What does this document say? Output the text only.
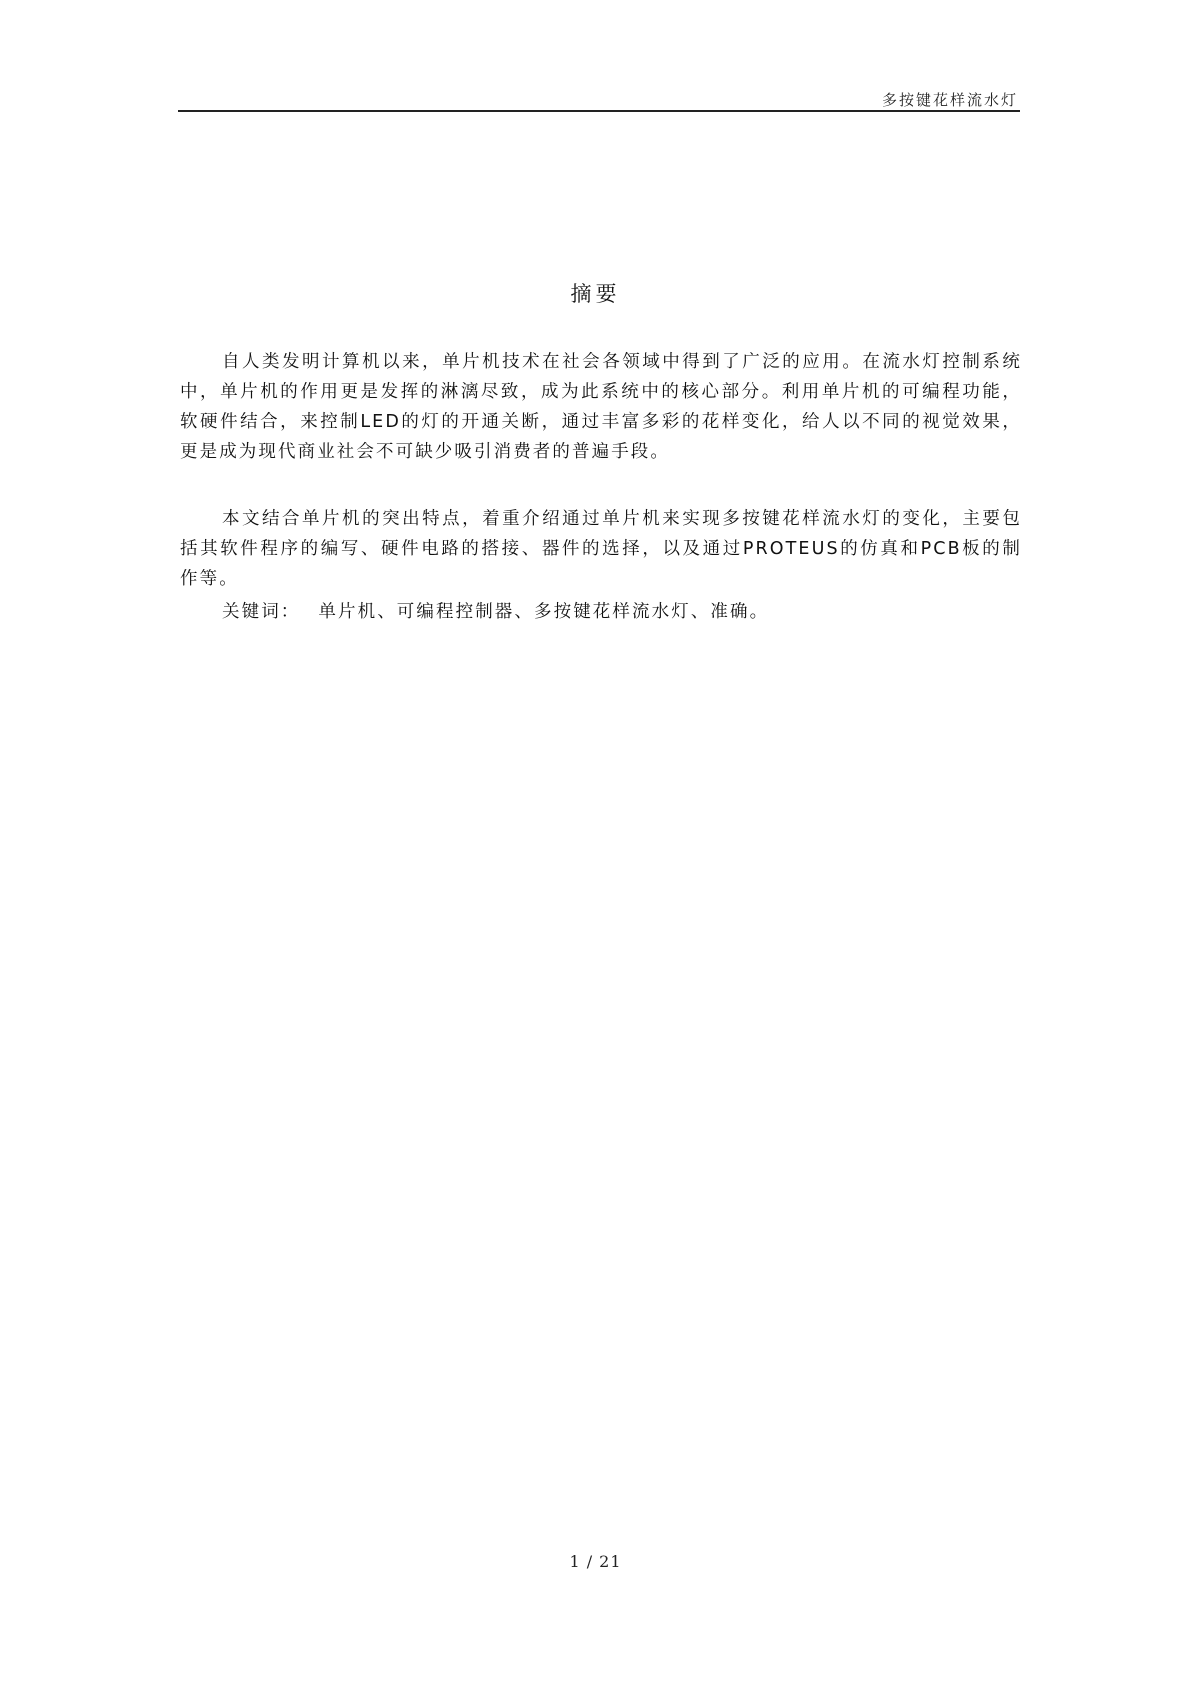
多按键花样流水灯
摘要

自人类发明计算机以来，单片机技术在社会各领域中得到了广泛的应用。在流水灯控制系统中，单片机的作用更是发挥的淋漓尽致，成为此系统中的核心部分。利用单片机的可编程功能，软硬件结合，来控制LED的灯的开通关断，通过丰富多彩的花样变化，给人以不同的视觉效果，更是成为现代商业社会不可缺少吸引消费者的普遍手段。

本文结合单片机的突出特点，着重介绍通过单片机来实现多按键花样流水灯的变化，主要包括其软件程序的编写、硬件电路的搭接、器件的选择，以及通过PROTEUS的仿真和PCB板的制作等。

关键词： 单片机、可编程控制器、多按键花样流水灯、准确。

1 / 21
